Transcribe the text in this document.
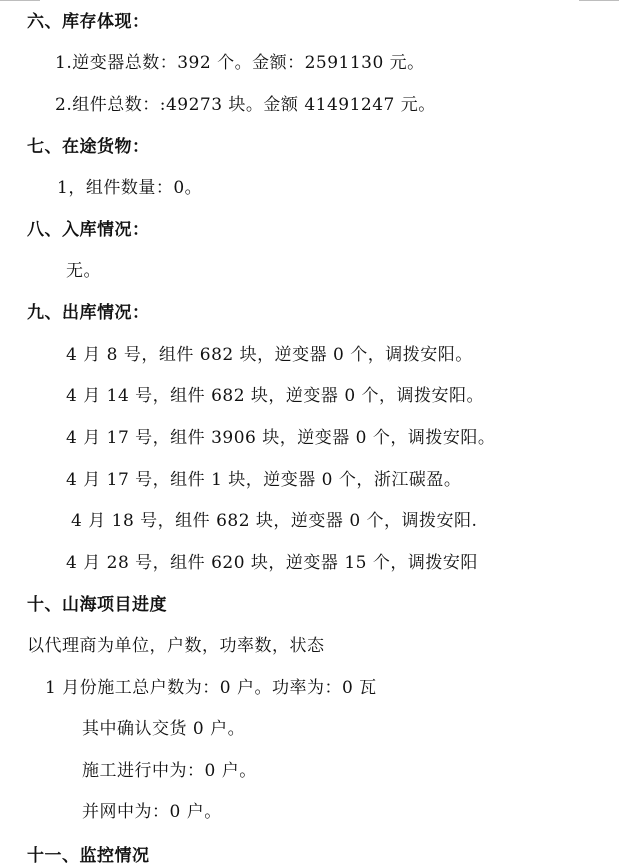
六、库存体现：
1.逆变器总数：392 个。金额：2591130 元。
2.组件总数：:49273 块。金额 41491247 元。
七、在途货物：
1，组件数量：0。
八、入库情况：
无。
九、出库情况：
4 月 8 号，组件 682 块，逆变器 0 个，调拨安阳。
4 月 14 号，组件 682 块，逆变器 0 个，调拨安阳。
4 月 17 号，组件 3906 块，逆变器 0 个，调拨安阳。
4 月 17 号，组件 1 块，逆变器 0 个，浙江碳盈。
4 月 18 号，组件 682 块，逆变器 0 个，调拨安阳.
4 月 28 号，组件 620 块，逆变器 15 个，调拨安阳
十、山海项目进度
以代理商为单位，户数，功率数，状态
1 月份施工总户数为：0 户。功率为：0 瓦
其中确认交货 0 户。
施工进行中为：0 户。
并网中为：0 户。
十一、监控情况
